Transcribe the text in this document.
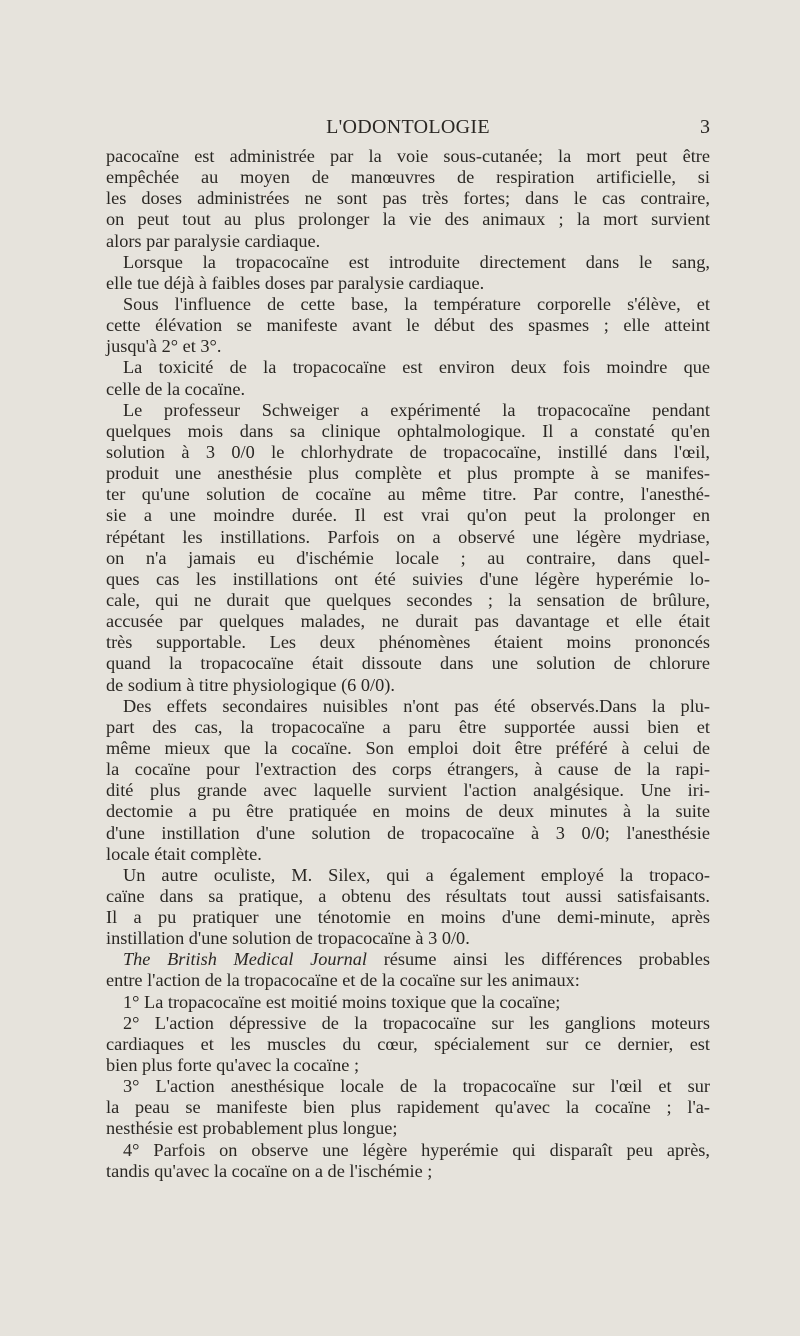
L'ODONTOLOGIE	3
pacocaïne est administrée par la voie sous-cutanée; la mort peut être
empêchée au moyen de manœuvres de respiration artificielle, si
les doses administrées ne sont pas très fortes; dans le cas contraire,
on peut tout au plus prolonger la vie des animaux ; la mort survient
alors par paralysie cardiaque.
Lorsque la tropacocaïne est introduite directement dans le sang,
elle tue déjà à faibles doses par paralysie cardiaque.
Sous l'influence de cette base, la température corporelle s'élève, et
cette élévation se manifeste avant le début des spasmes ; elle atteint
jusqu'à 2° et 3°.
La toxicité de la tropacocaïne est environ deux fois moindre que
celle de la cocaïne.
Le professeur Schweiger a expérimenté la tropacocaïne pendant
quelques mois dans sa clinique ophtalmologique. Il a constaté qu'en
solution à 3 0/0 le chlorhydrate de tropacocaïne, instillé dans l'œil,
produit une anesthésie plus complète et plus prompte à se manifes-
ter qu'une solution de cocaïne au même titre. Par contre, l'anesthé-
sie a une moindre durée. Il est vrai qu'on peut la prolonger en
répétant les instillations. Parfois on a observé une légère mydriase,
on n'a jamais eu d'ischémie locale ; au contraire, dans quel-
ques cas les instillations ont été suivies d'une légère hyperémie lo-
cale, qui ne durait que quelques secondes ; la sensation de brûlure,
accusée par quelques malades, ne durait pas davantage et elle était
très supportable. Les deux phénomènes étaient moins prononcés
quand la tropacocaïne était dissoute dans une solution de chlorure
de sodium à titre physiologique (6 0/0).
Des effets secondaires nuisibles n'ont pas été observés.Dans la plu-
part des cas, la tropacocaïne a paru être supportée aussi bien et
même mieux que la cocaïne. Son emploi doit être préféré à celui de
la cocaïne pour l'extraction des corps étrangers, à cause de la rapi-
dité plus grande avec laquelle survient l'action analgésique. Une iri-
dectomie a pu être pratiquée en moins de deux minutes à la suite
d'une instillation d'une solution de tropacocaïne à 3 0/0; l'anesthésie
locale était complète.
Un autre oculiste, M. Silex, qui a également employé la tropaco-
caïne dans sa pratique, a obtenu des résultats tout aussi satisfaisants.
Il a pu pratiquer une ténotomie en moins d'une demi-minute, après
instillation d'une solution de tropacocaïne à 3 0/0.
The British Medical Journal résume ainsi les différences probables
entre l'action de la tropacocaïne et de la cocaïne sur les animaux:
1° La tropacocaïne est moitié moins toxique que la cocaïne;
2° L'action dépressive de la tropacocaïne sur les ganglions moteurs
cardiaques et les muscles du cœur, spécialement sur ce dernier, est
bien plus forte qu'avec la cocaïne ;
3° L'action anesthésique locale de la tropacocaïne sur l'œil et sur
la peau se manifeste bien plus rapidement qu'avec la cocaïne ; l'a-
nesthésie est probablement plus longue;
4° Parfois on observe une légère hyperémie qui disparaît peu après,
tandis qu'avec la cocaïne on a de l'ischémie ;
